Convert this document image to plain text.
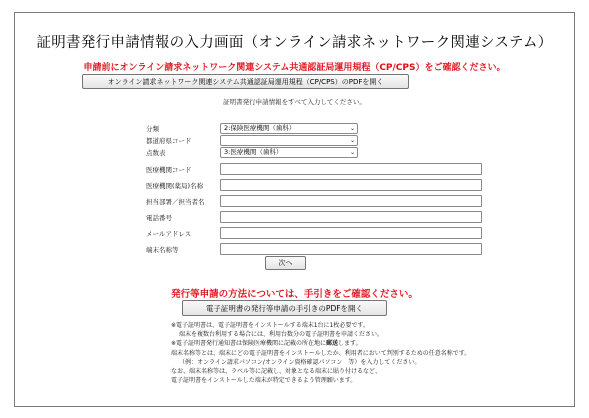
証明書発行申請情報の入力画面（オンライン請求ネットワーク関連システム）
申請前にオンライン請求ネットワーク関連システム共通認証局運用規程（CP/CPS）をご確認ください。
オンライン請求ネットワーク関連システム共通認証局運用規程（CP/CPS）のPDFを開く
証明書発行申請情報をすべて入力してください。
分類	2:保険医療機関（歯科）	⌄
都道府県コード	⌄
点数表	3:医療機関（歯科）	⌄
医療機関コード
医療機関(薬局)名称
担当部署／担当者名
電話番号
メールアドレス
端末名称等
次へ
発行等申請の方法については、手引きをご確認ください。
電子証明書の発行等申請の手引きのPDFを開く
※電子証明書は、電子証明書をインストールする端末1台に1枚必要です。
端末を複数台利用する場合には、利用台数分の電子証明書を申請ください。
※電子証明書発行通知書は保険医療機関に記載の所在地に郵送します。
端末名称等とは、端末にどの電子証明書をインストールしたか、利用者において判別するための任意名称です。
（例：オンライン請求パソコン/オンライン資格確認パソコン　等）を入力してください。
なお、端末名称等は、ラベル等に記載し、対象となる端末に貼り付けるなど、
電子証明書をインストールした端末が特定できるよう管理願います。
